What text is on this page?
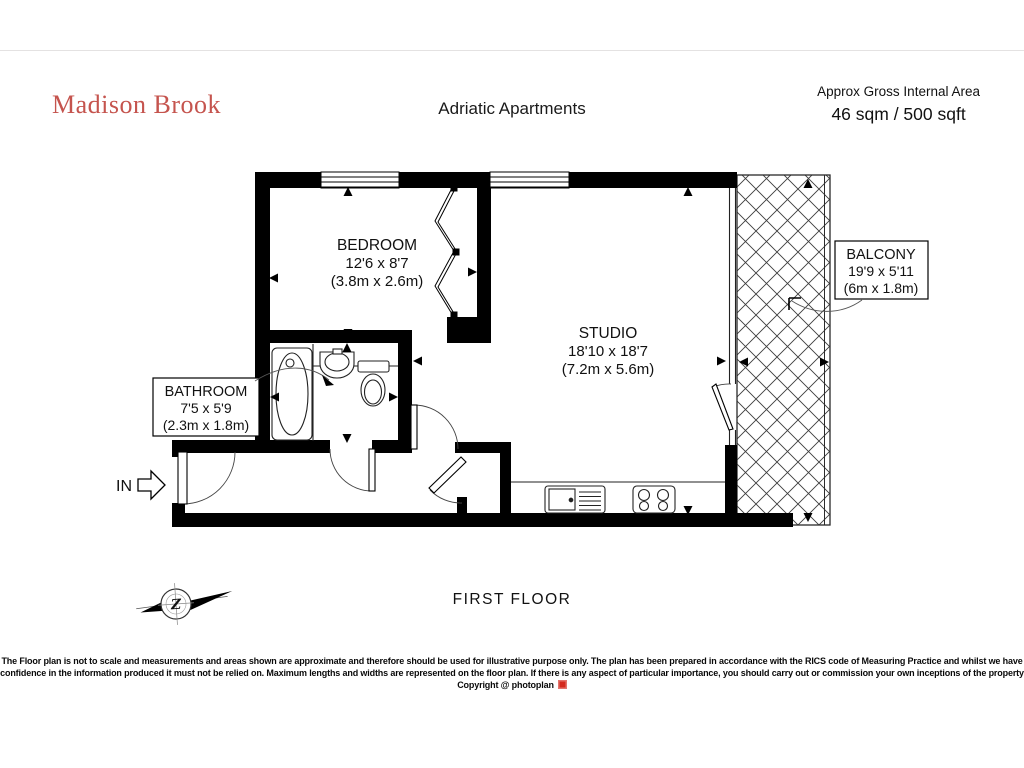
Madison Brook	Adriatic Apartments
Approx Gross Internal Area
46 sqm / 500 sqft
BEDROOM
12'6 x 8'7
(3.8m x 2.6m)
STUDIO
18'10 x 18'7
(7.2m x 5.6m)
BATHROOM
7'5 x 5'9
(2.3m x 1.8m)
BALCONY
19'9 x 5'11
(6m x 1.8m)
IN
Z	FIRST FLOOR
The Floor plan is not to scale and measurements and areas shown are approximate and therefore should be used for illustrative purpose only. The plan has been prepared in accordance with the RICS code of Measuring Practice and whilst we have
confidence in the information produced it must not be relied on. Maximum lengths and widths are represented on the floor plan. If there is any aspect of particular importance, you should carry out or commission your own inceptions of the property
Copyright @ photoplan
